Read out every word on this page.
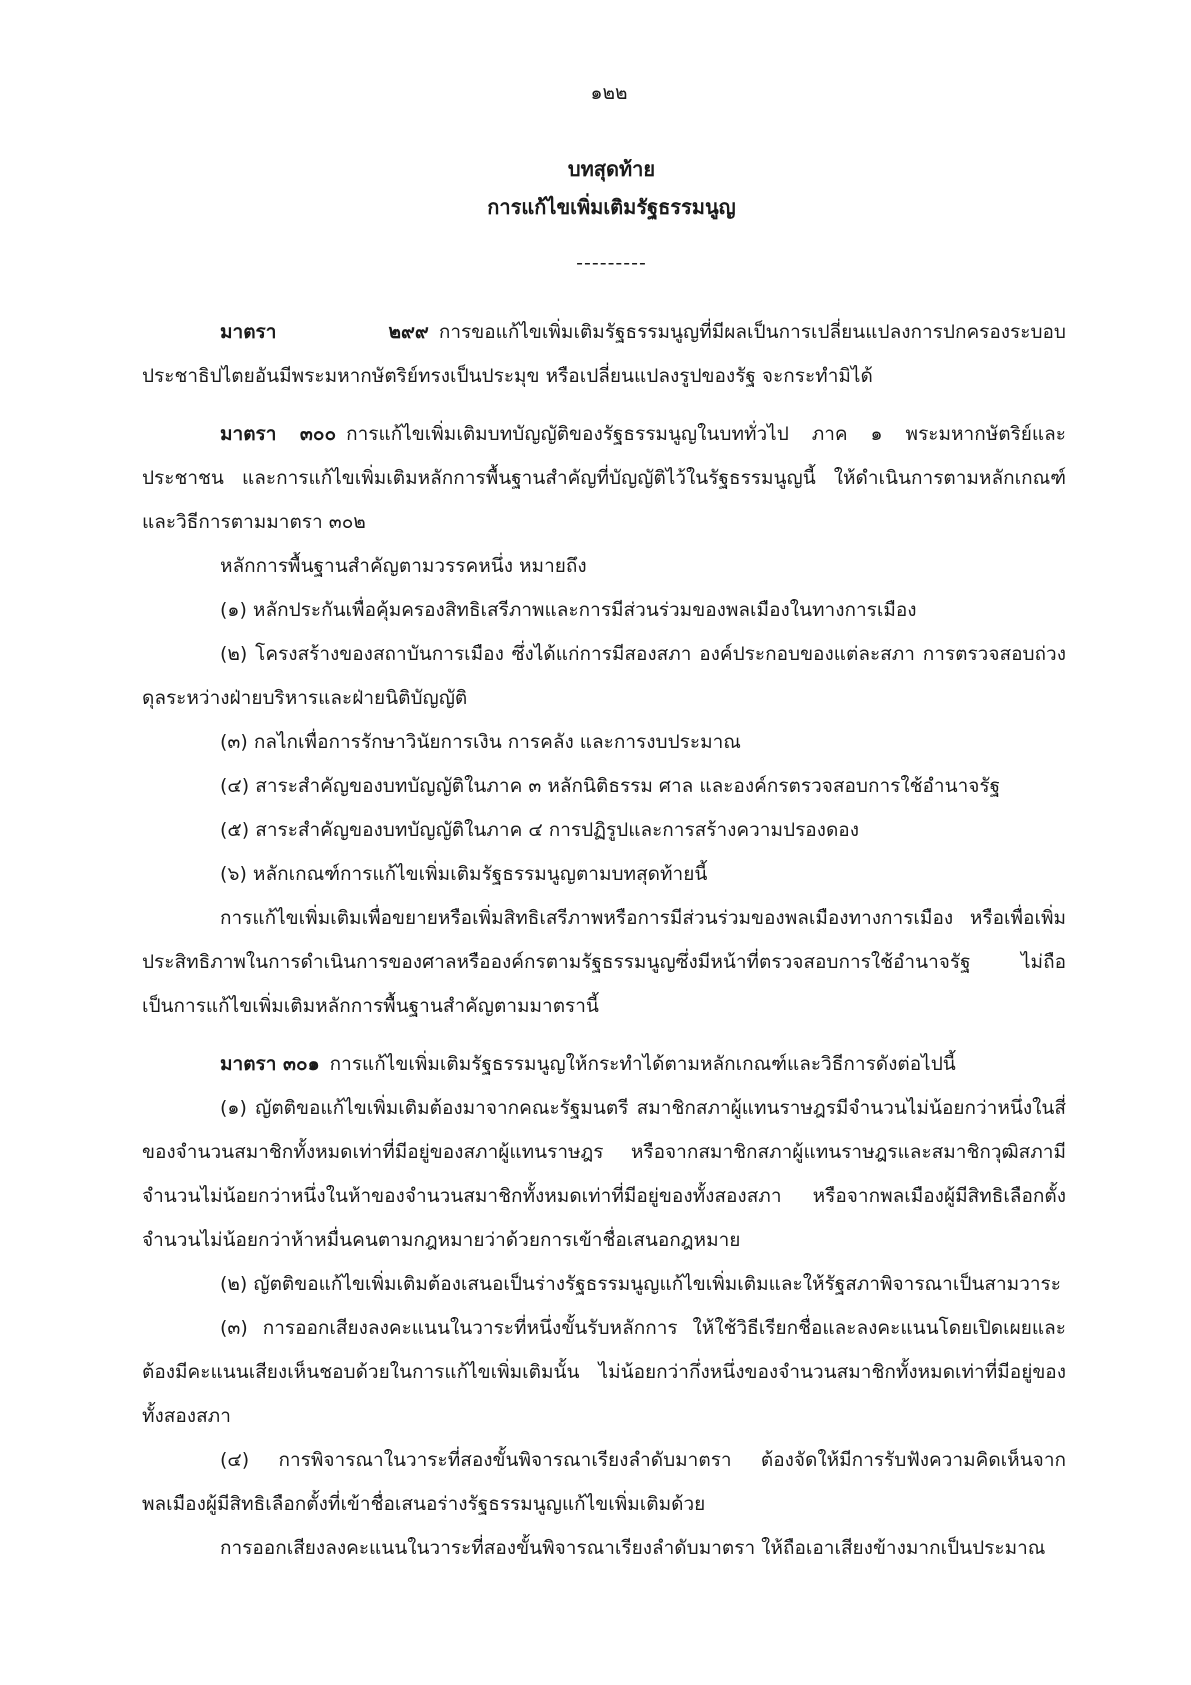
๑๒๒
บทสุดท้าย
การแก้ไขเพิ่มเติมรัฐธรรมนูญ
---------

มาตรา ๒๙๙ การขอแก้ไขเพิ่มเติมรัฐธรรมนูญที่มีผลเป็นการเปลี่ยนแปลงการปกครองระบอบประชาธิปไตยอันมีพระมหากษัตริย์ทรงเป็นประมุข หรือเปลี่ยนแปลงรูปของรัฐ จะกระทำมิได้

มาตรา ๓๐๐ การแก้ไขเพิ่มเติมบทบัญญัติของรัฐธรรมนูญในบททั่วไป ภาค ๑ พระมหากษัตริย์และประชาชน และการแก้ไขเพิ่มเติมหลักการพื้นฐานสำคัญที่บัญญัติไว้ในรัฐธรรมนูญนี้ ให้ดำเนินการตามหลักเกณฑ์และวิธีการตามมาตรา ๓๐๒

หลักการพื้นฐานสำคัญตามวรรคหนึ่ง หมายถึง

(๑) หลักประกันเพื่อคุ้มครองสิทธิเสรีภาพและการมีส่วนร่วมของพลเมืองในทางการเมือง

(๒) โครงสร้างของสถาบันการเมือง ซึ่งได้แก่การมีสองสภา องค์ประกอบของแต่ละสภา การตรวจสอบถ่วงดุลระหว่างฝ่ายบริหารและฝ่ายนิติบัญญัติ

(๓) กลไกเพื่อการรักษาวินัยการเงิน การคลัง และการงบประมาณ

(๔) สาระสำคัญของบทบัญญัติในภาค ๓ หลักนิติธรรม ศาล และองค์กรตรวจสอบการใช้อำนาจรัฐ

(๕) สาระสำคัญของบทบัญญัติในภาค ๔ การปฏิรูปและการสร้างความปรองดอง

(๖) หลักเกณฑ์การแก้ไขเพิ่มเติมรัฐธรรมนูญตามบทสุดท้ายนี้

การแก้ไขเพิ่มเติมเพื่อขยายหรือเพิ่มสิทธิเสรีภาพหรือการมีส่วนร่วมของพลเมืองทางการเมือง หรือเพื่อเพิ่มประสิทธิภาพในการดำเนินการของศาลหรือองค์กรตามรัฐธรรมนูญซึ่งมีหน้าที่ตรวจสอบการใช้อำนาจรัฐ ไม่ถือเป็นการแก้ไขเพิ่มเติมหลักการพื้นฐานสำคัญตามมาตรานี้

มาตรา ๓๐๑ การแก้ไขเพิ่มเติมรัฐธรรมนูญให้กระทำได้ตามหลักเกณฑ์และวิธีการดังต่อไปนี้

(๑) ญัตติขอแก้ไขเพิ่มเติมต้องมาจากคณะรัฐมนตรี สมาชิกสภาผู้แทนราษฎรมีจำนวนไม่น้อยกว่าหนึ่งในสี่ของจำนวนสมาชิกทั้งหมดเท่าที่มีอยู่ของสภาผู้แทนราษฎร หรือจากสมาชิกสภาผู้แทนราษฎรและสมาชิกวุฒิสภามีจำนวนไม่น้อยกว่าหนึ่งในห้าของจำนวนสมาชิกทั้งหมดเท่าที่มีอยู่ของทั้งสองสภา หรือจากพลเมืองผู้มีสิทธิเลือกตั้งจำนวนไม่น้อยกว่าห้าหมื่นคนตามกฎหมายว่าด้วยการเข้าชื่อเสนอกฎหมาย

(๒) ญัตติขอแก้ไขเพิ่มเติมต้องเสนอเป็นร่างรัฐธรรมนูญแก้ไขเพิ่มเติมและให้รัฐสภาพิจารณาเป็นสามวาระ

(๓) การออกเสียงลงคะแนนในวาระที่หนึ่งขั้นรับหลักการ ให้ใช้วิธีเรียกชื่อและลงคะแนนโดยเปิดเผยและต้องมีคะแนนเสียงเห็นชอบด้วยในการแก้ไขเพิ่มเติมนั้น ไม่น้อยกว่ากึ่งหนึ่งของจำนวนสมาชิกทั้งหมดเท่าที่มีอยู่ของทั้งสองสภา

(๔) การพิจารณาในวาระที่สองขั้นพิจารณาเรียงลำดับมาตรา ต้องจัดให้มีการรับฟังความคิดเห็นจากพลเมืองผู้มีสิทธิเลือกตั้งที่เข้าชื่อเสนอร่างรัฐธรรมนูญแก้ไขเพิ่มเติมด้วย

การออกเสียงลงคะแนนในวาระที่สองขั้นพิจารณาเรียงลำดับมาตรา ให้ถือเอาเสียงข้างมากเป็นประมาณ
